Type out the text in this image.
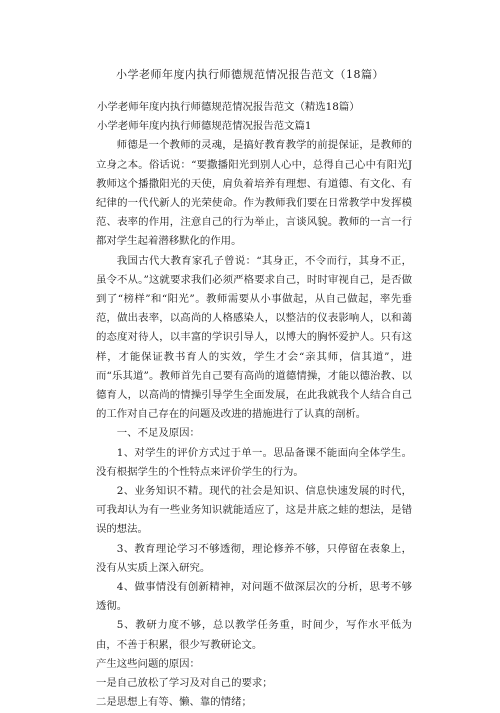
小学老师年度内执行师德规范情况报告范文（18篇）

小学老师年度内执行师德规范情况报告范文（精选18篇）

小学老师年度内执行师德规范情况报告范文篇1

师德是一个教师的灵魂，是搞好教育教学的前提保证，是教师的立身之本。俗话说：“要撒播阳光到别人心中，总得自己心中有阳光J教师这个播撒阳光的天使，肩负着培养有理想、有道德、有文化、有纪律的一代代新人的光荣使命。作为教师我们要在日常教学中发挥模范、表率的作用，注意自己的行为举止，言谈风貌。教师的一言一行都对学生起着潜移默化的作用。

我国古代大教育家孔子曾说：“其身正，不令而行，其身不正，虽令不从。”这就要求我们必须严格要求自己，时时审视自己，是否做到了“榜样”和“阳光”。教师需要从小事做起，从自己做起，率先垂范，做出表率，以高尚的人格感染人，以整洁的仪表影响人，以和蔼的态度对待人，以丰富的学识引导人，以博大的胸怀爱护人。只有这样，才能保证教书育人的实效，学生才会“亲其师，信其道”，进而“乐其道”。教师首先自己要有高尚的道德情操，才能以德治教、以德育人，以高尚的情操引导学生全面发展，在此我就我个人结合自己的工作对自己存在的问题及改进的措施进行了认真的剖析。

一、不足及原因：

1、对学生的评价方式过于单一。思品备课不能面向全体学生。没有根据学生的个性特点来评价学生的行为。

2、业务知识不精。现代的社会是知识、信息快速发展的时代，可我却认为有一些业务知识就能适应了，这是井底之蛙的想法，是错误的想法。

3、教育理论学习不够透彻，理论修养不够，只停留在表象上，没有从实质上深入研究。

4、做事情没有创新精神，对问题不做深层次的分析，思考不够透彻。

5、教研力度不够，总以教学任务重，时间少，写作水平低为由，不善于积累，很少写教研论文。

产生这些问题的原因：

一是自己放松了学习及对自己的要求；

二是思想上有等、懒、靠的情绪；
